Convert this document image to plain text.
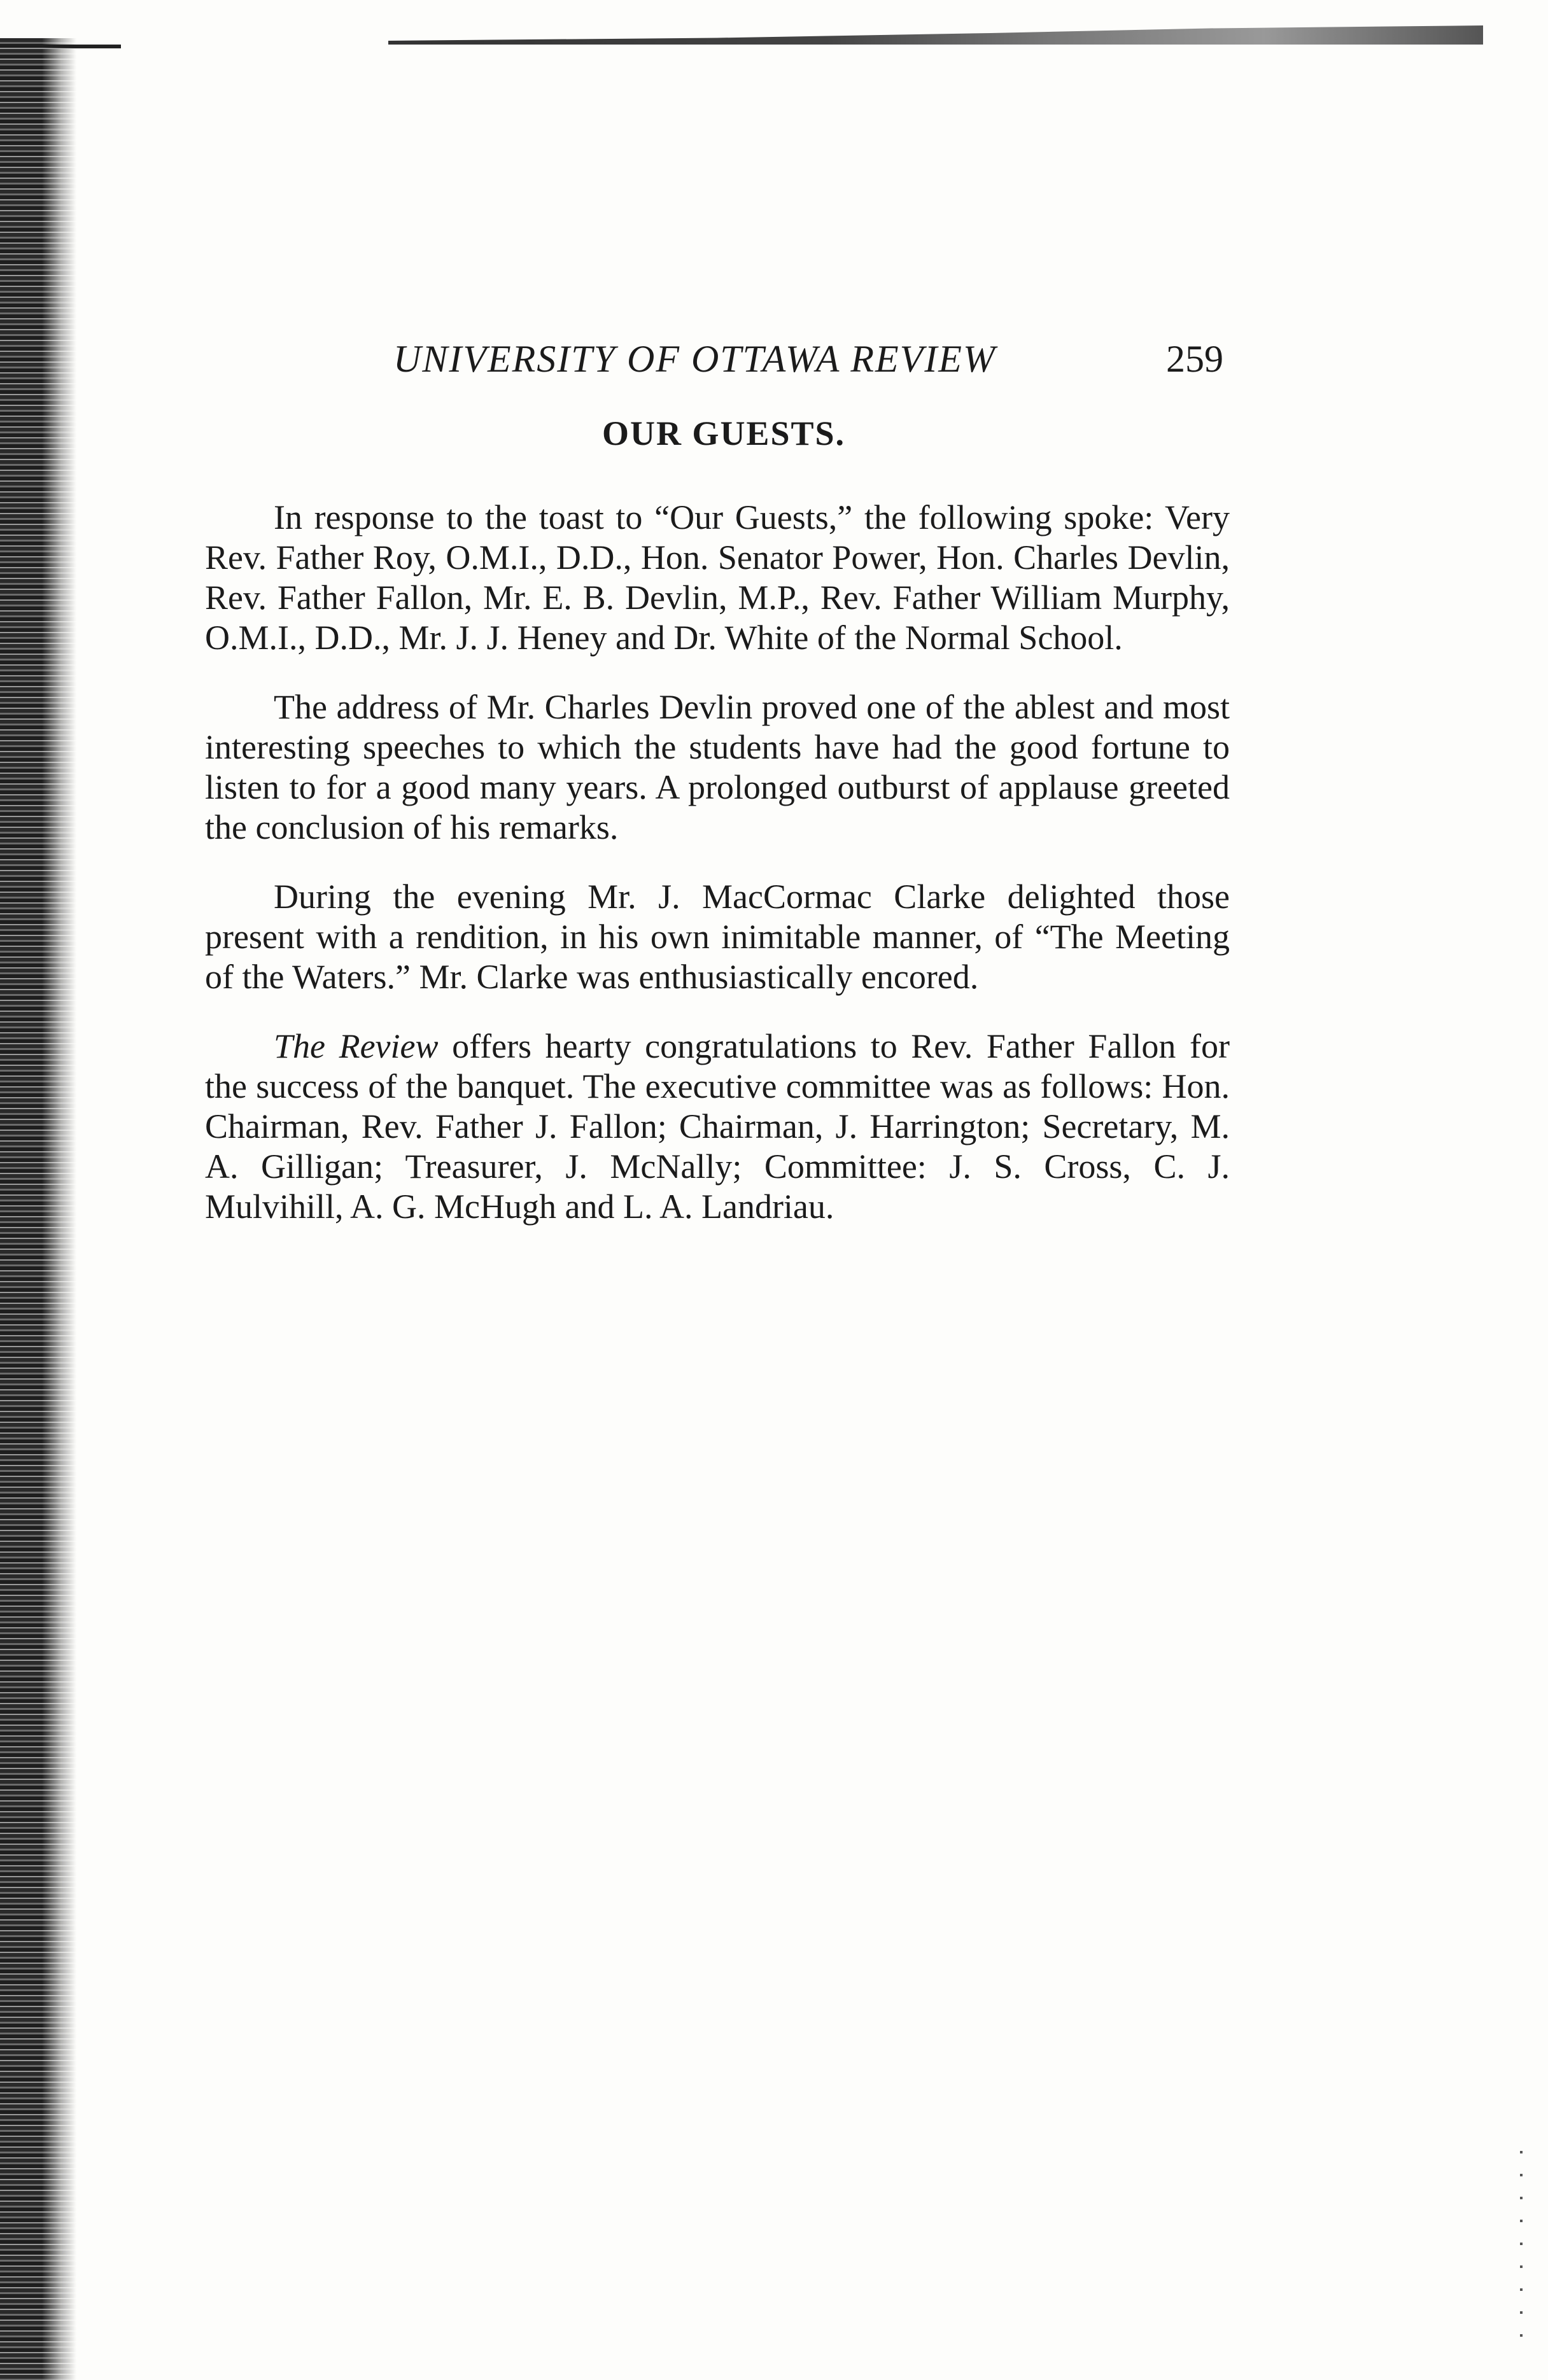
UNIVERSITY OF OTTAWA REVIEW	259
OUR GUESTS.

In response to the toast to “Our Guests,” the following spoke: Very Rev. Father Roy, O.M.I., D.D., Hon. Senator Power, Hon. Charles Devlin, Rev. Father Fallon, Mr. E. B. Devlin, M.P., Rev. Father William Murphy, O.M.I., D.D., Mr. J. J. Heney and Dr. White of the Normal School.

The address of Mr. Charles Devlin proved one of the ablest and most interesting speeches to which the students have had the good fortune to listen to for a good many years. A prolonged outburst of applause greeted the conclusion of his remarks.

During the evening Mr. J. MacCormac Clarke delighted those present with a rendition, in his own inimitable manner, of “The Meeting of the Waters.” Mr. Clarke was enthusiastically encored.

The Review offers hearty congratulations to Rev. Father Fallon for the success of the banquet. The executive committee was as follows: Hon. Chairman, Rev. Father J. Fallon; Chairman, J. Harrington; Secretary, M. A. Gilligan; Treasurer, J. McNally; Committee: J. S. Cross, C. J. Mulvihill, A. G. McHugh and L. A. Landriau.
